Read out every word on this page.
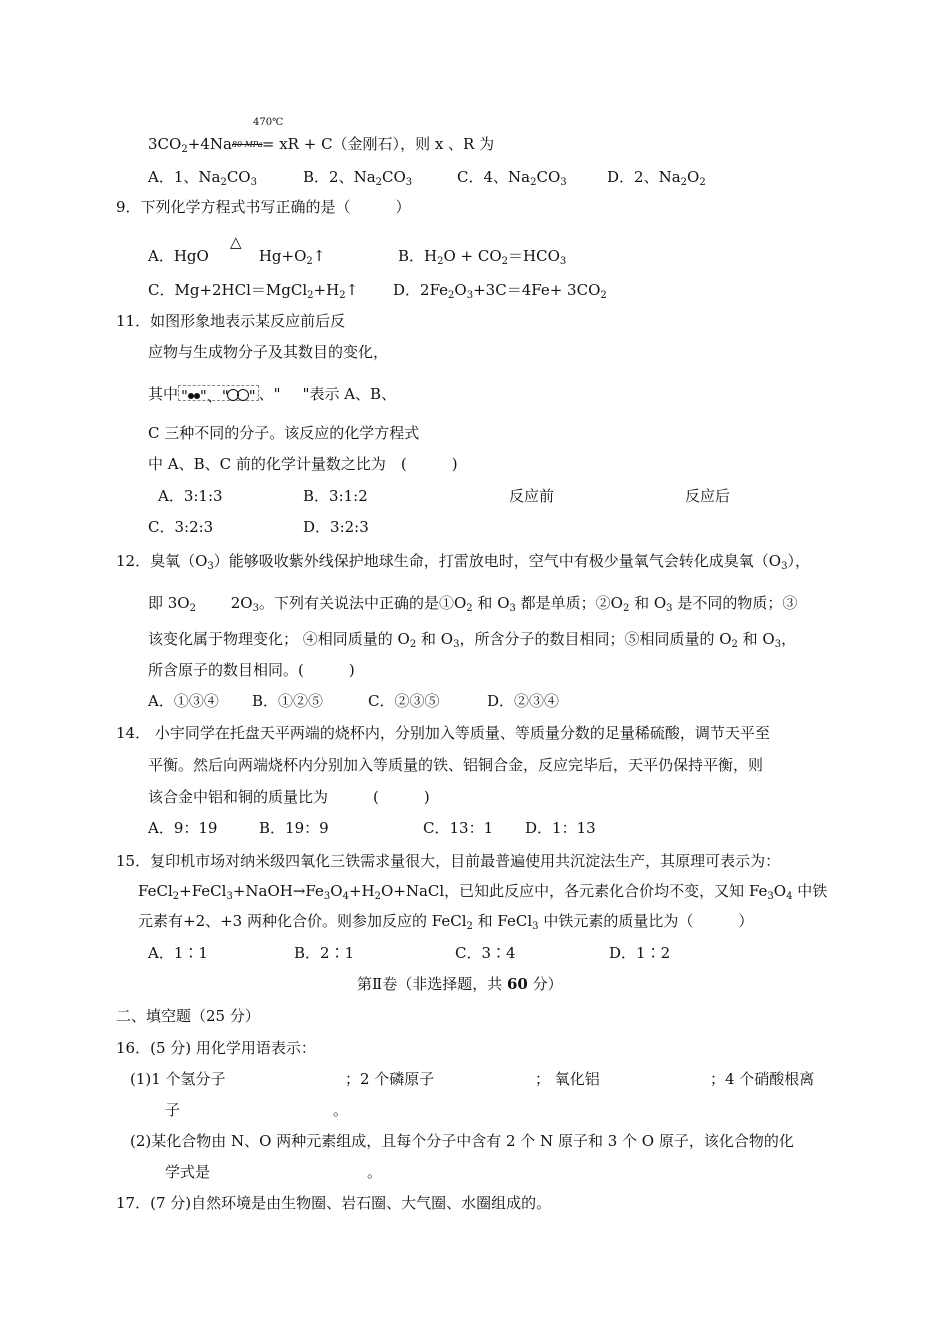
470℃
$3CO_2+4Na$ 80 MPa = xR + C（金刚石），则 x 、R 为
A．1、$Na_2CO_3$	B．2、$Na_2CO_3$	C．4、$Na_2CO_3$	D．2、$Na_2O_2$
9．下列化学方程式书写正确的是（　　　）
△
A．HgO	$Hg+O_2↑$	B．$H_2O + CO_2=HCO_3$
C．$Mg+2HCl=MgCl_2+H_2↑$ D．$2Fe_2O_3+3C=4Fe+ 3CO_2$
11．如图形象地表示某反应前后反
应物与生成物分子及其数目的变化，
其中 " "、" " 、" "表示 A、B、
C 三种不同的分子。该反应的化学方程式
中 A、B、C 前的化学计量数之比为　(　　　)
A．3:1:3	B．3:1:2	反应前	反应后
C．3:2:3	D．3:2:3
12．臭氧$(O_3)$能够吸收紫外线保护地球生命，打雷放电时，空气中有极少量氧气会转化成臭氧$(O_3)$，
即 $3O_2$　　 $2O_3$。下列有关说法中正确的是$①O_2$ 和 $O_3$ 都是单质；$②O_2$ 和 $O_3$ 是不同的物质；③
该变化属于物理变化； ④相同质量的 $O_2$ 和 $O_3$，所含分子的数目相同；⑤相同质量的 $O_2$ 和 $O_3$，
所含原子的数目相同。(　　　)
A．①③④ B．①②⑤	C．②③⑤	D．②③④
14． 小宇同学在托盘天平两端的烧杯内，分别加入等质量、等质量分数的足量稀硫酸，调节天平至
平衡。然后向两端烧杯内分别加入等质量的铁、铝铜合金，反应完毕后，天平仍保持平衡，则
该合金中铝和铜的质量比为　　　(　　　)
A．9：19	B．19：9	C．13：1 D．1：13
15．复印机市场对纳米级四氧化三铁需求量很大，目前最普遍使用共沉淀法生产，其原理可表示为：
$FeCl_2+FeCl_3+NaOH\to Fe_3O_4+H_2O+NaCl$，已知此反应中，各元素化合价均不变，又知 $Fe_3O_4$ 中铁
元素有+2、+3 两种化合价。则参加反应的 FeCl$_2$ 和 FeCl$_3$ 中铁元素的质量比为（　　　）
A．1∶1	B．2∶1	C．3∶4	D．1∶2
第Ⅱ卷（非选择题，共 60 分）
二、填空题（25 分）
16．(5 分) 用化学用语表示：
(1)1 个氢分子	；2 个磷原子	； 氧化铝	；4 个硝酸根离
子	。
(2)某化合物由 N、O 两种元素组成，且每个分子中含有 2 个 N 原子和 3 个 O 原子，该化合物的化
学式是	。
17．(7 分)自然环境是由生物圈、岩石圈、大气圈、水圈组成的。
